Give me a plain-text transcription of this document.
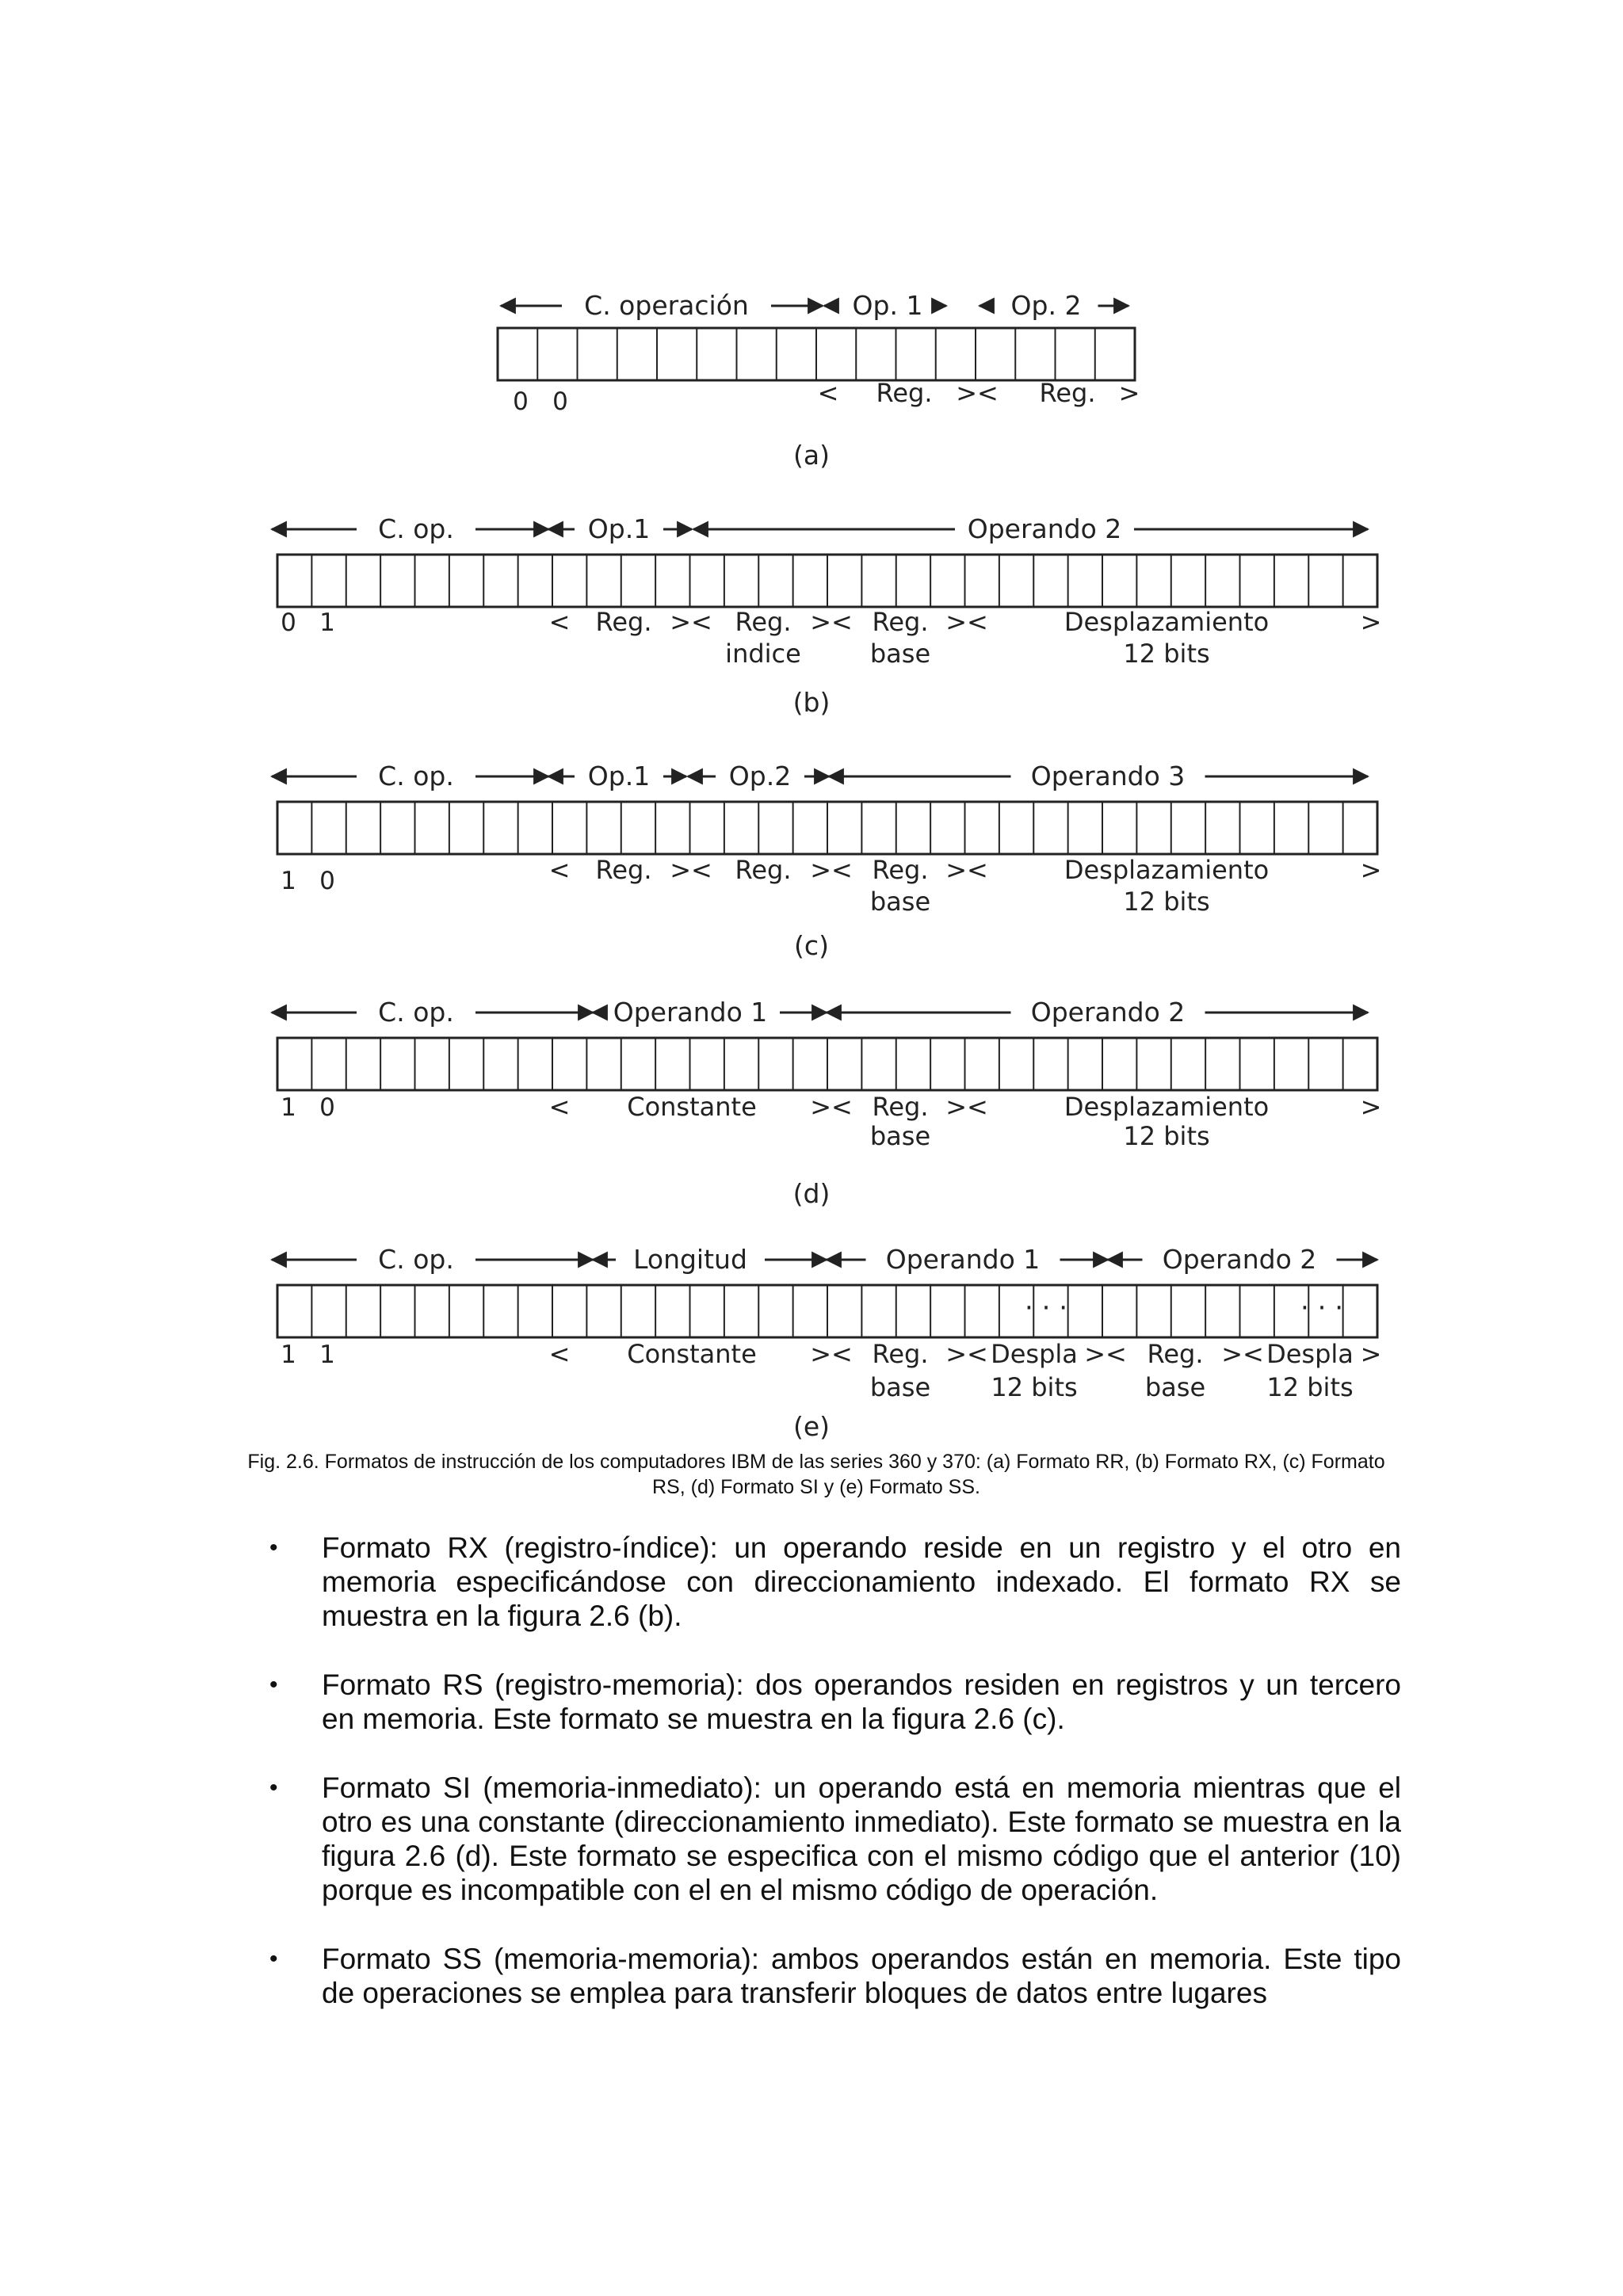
C. operación	Op. 1	Op. 2
0 0	< Reg. >< Reg. >
(a)
C. op.	Op.1	Operando 2
0 1	< Reg. >< Reg.
indice
>< Reg.
base
><	Desplazamiento
12 bits
>
(b)
C. op.	Op.1	Op.2	Operando 3
1 0	< Reg. >< Reg. >< Reg.
base
><	Desplazamiento
12 bits
>
(c)
C. op.	Operando 1	Operando 2
1 0	< Constante >< Reg.
base
><	Desplazamiento
12 bits
>
(d)
C. op.	Longitud	Operando 1	Operando 2
· · ·	· · ·
1 1	< Constante >< Reg.
base
>< Despla
12 bits
>< Reg.
base
>< Despla
12 bits
>
(e)
Fig. 2.6. Formatos de instrucción de los computadores IBM de las series 360 y 370: (a) Formato RR, (b) Formato RX, (c) Formato RS, (d) Formato SI y (e) Formato SS.
•	Formato RX (registro-índice): un operando reside en un registro y el otro en memoria especificándose con direccionamiento indexado. El formato RX se muestra en la figura 2.6 (b).
•	Formato RS (registro-memoria): dos operandos residen en registros y un tercero en memoria. Este formato se muestra en la figura 2.6 (c).
•	Formato SI (memoria-inmediato): un operando está en memoria mientras que el otro es una constante (direccionamiento inmediato). Este formato se muestra en la figura 2.6 (d). Este formato se especifica con el mismo código que el anterior (10) porque es incompatible con el en el mismo código de operación.
•	Formato SS (memoria-memoria): ambos operandos están en memoria. Este tipo de operaciones se emplea para transferir bloques de datos entre lugares
